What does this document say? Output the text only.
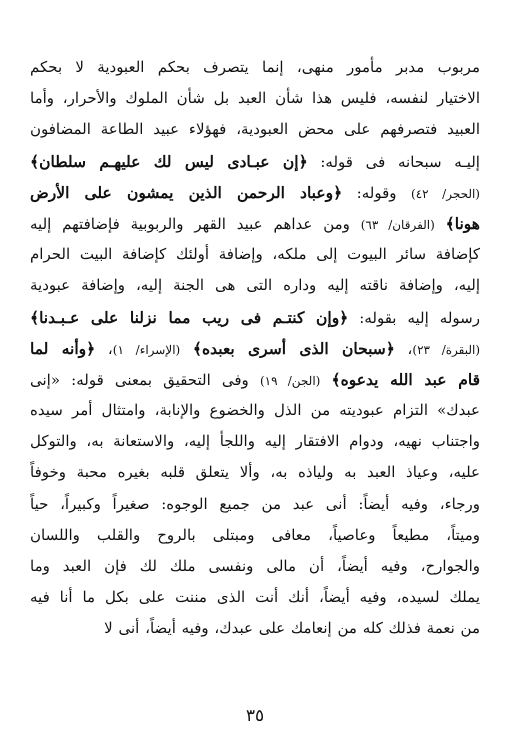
مربوب مدبر مأمور منهى، إنما يتصرف بحكم العبودية لا بحكم
الاختيار لنفسه، فليس هذا شأن العبد بل شأن الملوك والأحرار، وأما
العبيد فتصرفهم على محض العبودية، فهؤلاء عبيد الطاعة المضافون
إليـه سبحانه فى قوله: ﴿إن عبـادى ليس لك عليهـم سلطان﴾
(الحجر/ ٤٢) وقوله: ﴿وعباد الرحمن الذين يمشون على الأرض
هونا﴾ (الفرقان/ ٦٣) ومن عداهم عبيد القهر والربوبية فإضافتهم إليه
كإضافة سائر البيوت إلى ملكه، وإضافة أولئك كإضافة البيت الحرام
إليه، وإضافة ناقته إليه وداره التى هى الجنة إليه، وإضافة عبودية
رسوله إليه بقوله: ﴿وإن كنتـم فى ريب مما نزلنا على عـبـدنا﴾
(البقرة/ ٢٣)، ﴿سبحان الذى أسرى بعبده﴾ (الإسراء/ ١)، ﴿وأنه لما
قام عبد الله يدعوه﴾ (الجن/ ١٩) وفى التحقيق بمعنى قوله: «إنى
عبدك» التزام عبوديته من الذل والخضوع والإنابة، وامتثال أمر سيده
واجتناب نهيه، ودوام الافتقار إليه واللجأ إليه، والاستعانة به، والتوكل
عليه، وعياذ العبد به ولياذه به، وألا يتعلق قلبه بغيره محبة وخوفاً
ورجاء، وفيه أيضاً: أنى عبد من جميع الوجوه: صغيراً وكبيراً، حياً
وميتاً، مطيعاً وعاصياً، معافى ومبتلى بالروح والقلب واللسان
والجوارح، وفيه أيضاً، أن مالى ونفسى ملك لك فإن العبد وما
يملك لسيده، وفيه أيضاً، أنك أنت الذى مننت على بكل ما أنا فيه
من نعمة فذلك كله من إنعامك على عبدك، وفيه أيضاً، أنى لا
٣٥
